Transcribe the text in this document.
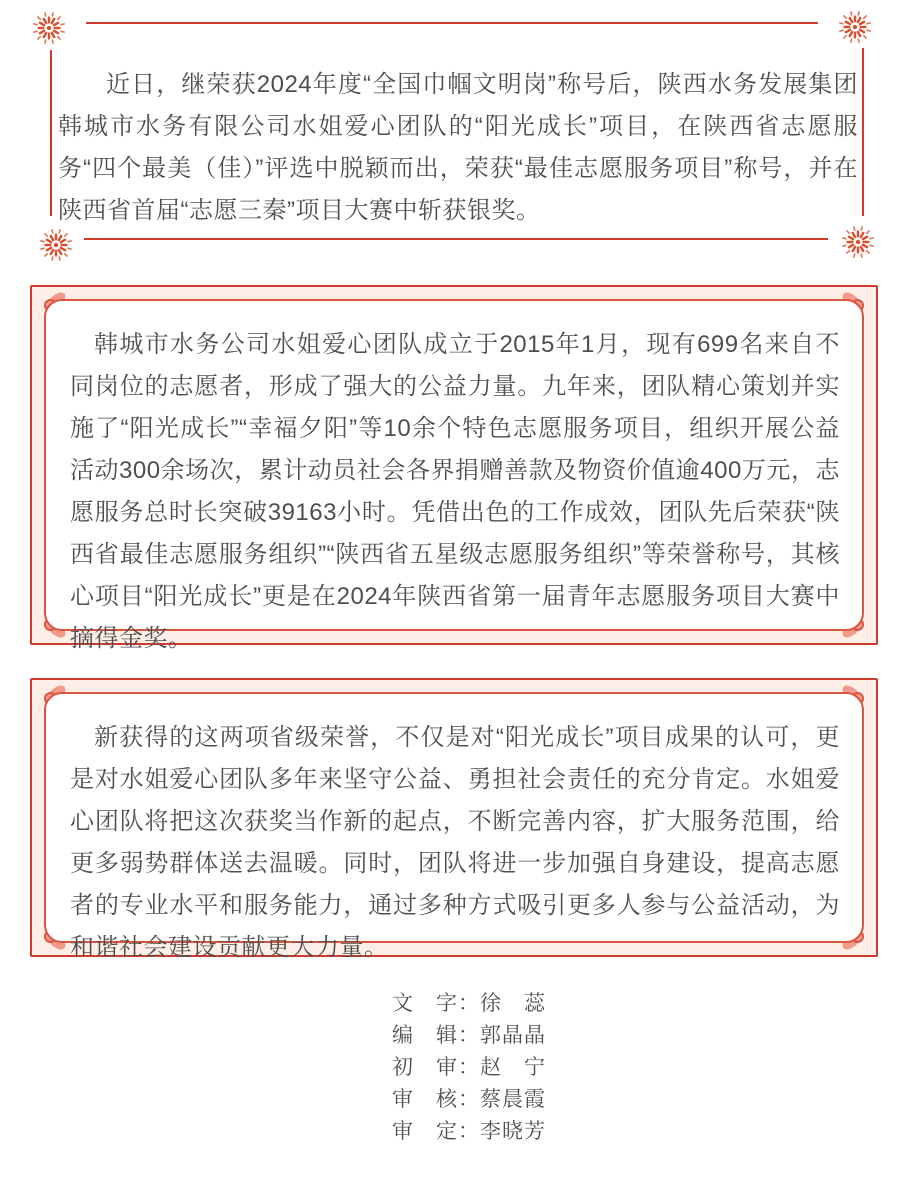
近日，继荣获2024年度“全国巾帼文明岗”称号后，陕西水务发展集团韩城市水务有限公司水姐爱心团队的“阳光成长”项目，在陕西省志愿服务“四个最美（佳）”评选中脱颖而出，荣获“最佳志愿服务项目”称号，并在陕西省首届“志愿三秦”项目大赛中斩获银奖。

韩城市水务公司水姐爱心团队成立于2015年1月，现有699名来自不同岗位的志愿者，形成了强大的公益力量。九年来，团队精心策划并实施了“阳光成长”“幸福夕阳”等10余个特色志愿服务项目，组织开展公益活动300余场次，累计动员社会各界捐赠善款及物资价值逾400万元，志愿服务总时长突破39163小时。凭借出色的工作成效，团队先后荣获“陕西省最佳志愿服务组织”“陕西省五星级志愿服务组织”等荣誉称号，其核心项目“阳光成长”更是在2024年陕西省第一届青年志愿服务项目大赛中摘得金奖。

新获得的这两项省级荣誉，不仅是对“阳光成长”项目成果的认可，更是对水姐爱心团队多年来坚守公益、勇担社会责任的充分肯定。水姐爱心团队将把这次获奖当作新的起点，不断完善内容，扩大服务范围，给更多弱势群体送去温暖。同时，团队将进一步加强自身建设，提高志愿者的专业水平和服务能力，通过多种方式吸引更多人参与公益活动，为和谐社会建设贡献更大力量。

文　字：徐　蕊
编　辑：郭晶晶
初　审：赵　宁
审　核：蔡晨霞
审　定：李晓芳
